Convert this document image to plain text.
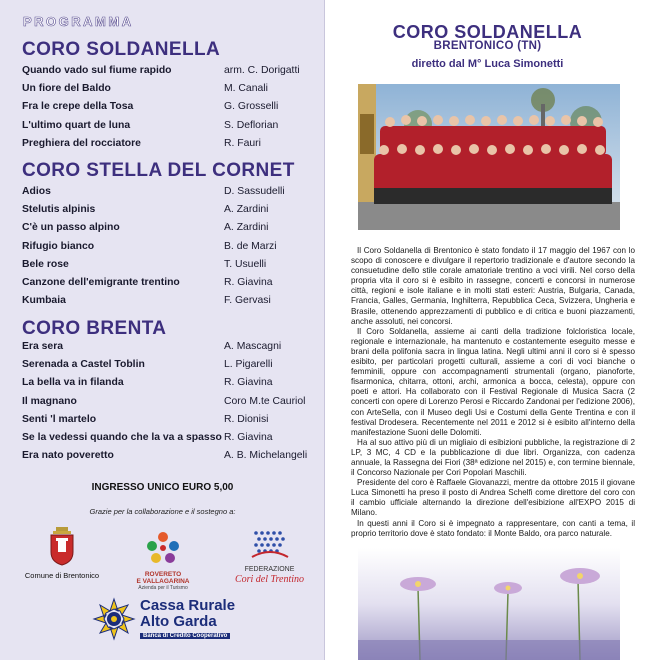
PROGRAMMA
CORO SOLDANELLA
Quando vado sul fiume rapido	arm. C. Dorigatti
Un fiore del Baldo	M. Canali
Fra le crepe della Tosa	G. Grosselli
L'ultimo quart de luna	S. Deflorian
Preghiera del rocciatore	R. Fauri
CORO STELLA DEL CORNET
Adios	D. Sassudelli
Stelutis alpinis	A. Zardini
C'è un passo alpino	A. Zardini
Rifugio bianco	B. de Marzi
Bele rose	T. Usuelli
Canzone dell'emigrante trentino	R. Giavina
Kumbaia	F. Gervasi
CORO BRENTA
Era sera	A. Mascagni
Serenada a Castel Toblin	L. Pigarelli
La bella va in filanda	R. Giavina
Il magnano	Coro M.te Cauriol
Senti 'l martelo	R. Dionisi
Se la vedessi quando che la va a spasso R. Giavina
Era nato poveretto	A. B. Michelangeli
INGRESSO UNICO EURO 5,00
Grazie per la collaborazione e il sostegno a:
Comune di Brentonico	ROVERETO
E VALLAGARINA
Azienda per il Turismo
FEDERAZIONE
Cori del Trentino
Cassa Rurale
Alto Garda
Banca di Credito Cooperativo
CORO SOLDANELLA
BRENTONICO (TN)
diretto dal M° Luca Simonetti

Il Coro Soldanella di Brentonico è stato fondato il 17 maggio del 1967 con lo scopo di conoscere e divulgare il repertorio tradizionale e d'autore secondo la consuetudine dello stile corale amatoriale trentino a voci virili. Nel corso della propria vita il coro si è esibito in rassegne, concerti e concorsi in numerose città, regioni e isole italiane e in molti stati esteri: Austria, Bulgaria, Canada, Francia, Galles, Germania, Inghilterra, Repubblica Ceca, Svizzera, Ungheria e Brasile, ottenendo apprezzamenti di pubblico e di critica e buoni piazzamenti, anche assoluti, nei concorsi.

Il Coro Soldanella, assieme ai canti della tradizione folcloristica locale, regionale e internazionale, ha mantenuto e costantemente eseguito messe e brani della polifonia sacra in lingua latina. Negli ultimi anni il coro si è spesso esibito, per particolari progetti culturali, assieme a cori di voci bianche o femminili, oppure con accompagnamenti strumentali (organo, pianoforte, fisarmonica, chitarra, ottoni, archi, armonica a bocca, celesta), oppure con poeti e attori. Ha collaborato con il Festival Regionale di Musica Sacra (2 concerti con opere di Lorenzo Perosi e Riccardo Zandonai per l'edizione 2006), con ArteSella, con il Museo degli Usi e Costumi della Gente Trentina e con il festival Drodesera. Recentemente nel 2011 e 2012 si è esibito all'interno della manifestazione Suoni delle Dolomiti.

Ha al suo attivo più di un migliaio di esibizioni pubbliche, la registrazione di 2 LP, 3 MC, 4 CD e la pubblicazione di due libri. Organizza, con cadenza annuale, la Rassegna dei Fiori (38ª edizione nel 2015) e, con termine biennale, il Concorso Nazionale per Cori Popolari Maschili.

Presidente del coro è Raffaele Giovanazzi, mentre da ottobre 2015 il giovane Luca Simonetti ha preso il posto di Andrea Schelfi come direttore del coro con il cambio ufficiale alternando la direzione dell'esibizione all'EXPO 2015 di Milano.

In questi anni il Coro si è impegnato a rappresentare, con canti a tema, il proprio territorio dove è stato fondato: il Monte Baldo, ora parco naturale.
